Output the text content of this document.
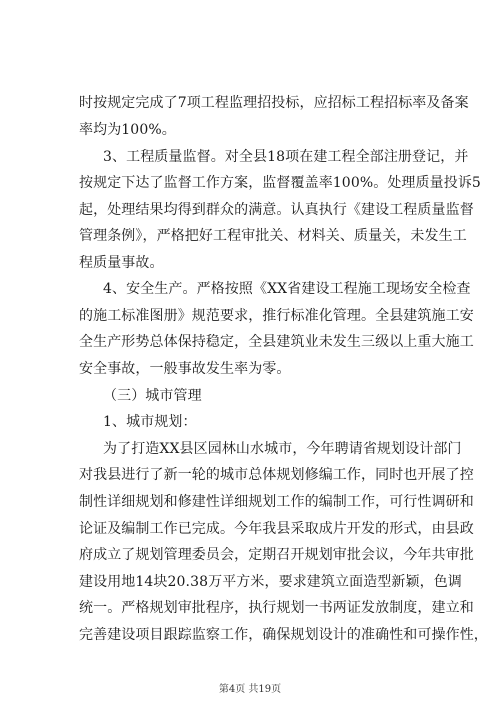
时按规定完成了7项工程监理招投标，应招标工程招标率及备案
率均为100%。
3、工程质量监督。对全县18项在建工程全部注册登记，并
按规定下达了监督工作方案，监督覆盖率100%。处理质量投诉5
起，处理结果均得到群众的满意。认真执行《建设工程质量监督
管理条例》，严格把好工程审批关、材料关、质量关，未发生工
程质量事故。
4、安全生产。严格按照《XX省建设工程施工现场安全检查
的施工标准图册》规范要求，推行标准化管理。全县建筑施工安
全生产形势总体保持稳定，全县建筑业未发生三级以上重大施工
安全事故，一般事故发生率为零。
（三）城市管理
1、城市规划：
为了打造XX县区园林山水城市，今年聘请省规划设计部门
对我县进行了新一轮的城市总体规划修编工作，同时也开展了控
制性详细规划和修建性详细规划工作的编制工作，可行性调研和
论证及编制工作已完成。今年我县采取成片开发的形式，由县政
府成立了规划管理委员会，定期召开规划审批会议，今年共审批
建设用地14块20.38万平方米，要求建筑立面造型新颖，色调
统一。严格规划审批程序，执行规划一书两证发放制度，建立和
完善建设项目跟踪监察工作，确保规划设计的准确性和可操作性，
第4页 共19页
